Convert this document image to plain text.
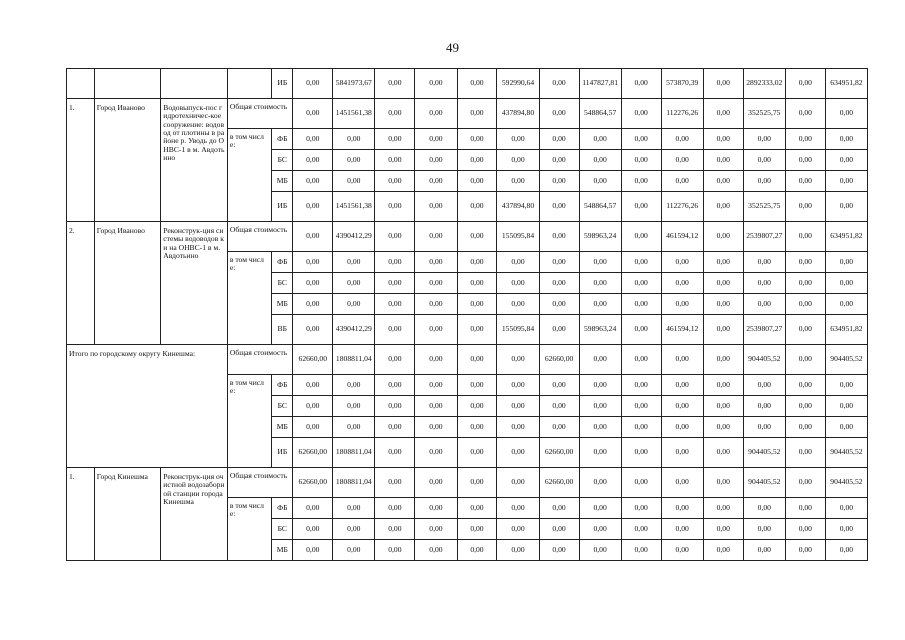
49
				ИБ	0,00	5841973,67	0,00	0,00	0,00	592990,64	0,00	1147827,81	0,00	573870,39	0,00	2892333,02	0,00	634951,82
1.	Город Иваново	Водовыпуск-пос гидротехничес-кое сооружение: водовод от плотины в районе р. Уводь до ОНВС-1 в м. Авдотьино	Общая стоимость		0,00	1451561,38	0,00	0,00	0,00	437894,80	0,00	548864,57	0,00	112276,26	0,00	352525,75	0,00	0,00
			в том числе:	ФБ	0,00	0,00	0,00	0,00	0,00	0,00	0,00	0,00	0,00	0,00	0,00	0,00	0,00	0,00
				БС	0,00	0,00	0,00	0,00	0,00	0,00	0,00	0,00	0,00	0,00	0,00	0,00	0,00	0,00
				МБ	0,00	0,00	0,00	0,00	0,00	0,00	0,00	0,00	0,00	0,00	0,00	0,00	0,00	0,00
				ИБ	0,00	1451561,38	0,00	0,00	0,00	437894,80	0,00	548864,57	0,00	112276,26	0,00	352525,75	0,00	0,00
2.	Город Иваново	Реконструк-ция системы водоводов ки на ОНВС-1 в м. Авдотьино	Общая стоимость		0,00	4390412,29	0,00	0,00	0,00	155095,84	0,00	598963,24	0,00	461594,12	0,00	2539807,27	0,00	634951,82
			в том числе:	ФБ	0,00	0,00	0,00	0,00	0,00	0,00	0,00	0,00	0,00	0,00	0,00	0,00	0,00	0,00
				БС	0,00	0,00	0,00	0,00	0,00	0,00	0,00	0,00	0,00	0,00	0,00	0,00	0,00	0,00
				МБ	0,00	0,00	0,00	0,00	0,00	0,00	0,00	0,00	0,00	0,00	0,00	0,00	0,00	0,00
				ВБ	0,00	4390412,29	0,00	0,00	0,00	155095,84	0,00	598963,24	0,00	461594,12	0,00	2539807,27	0,00	634951,82
Итого по городскому округу Кинешма:			Общая стоимость		62660,00	1808811,04	0,00	0,00	0,00	0,00	62660,00	0,00	0,00	0,00	0,00	904405,52	0,00	904405,52
			в том числе:	ФБ	0,00	0,00	0,00	0,00	0,00	0,00	0,00	0,00	0,00	0,00	0,00	0,00	0,00	0,00
				БС	0,00	0,00	0,00	0,00	0,00	0,00	0,00	0,00	0,00	0,00	0,00	0,00	0,00	0,00
				МБ	0,00	0,00	0,00	0,00	0,00	0,00	0,00	0,00	0,00	0,00	0,00	0,00	0,00	0,00
				ИБ	62660,00	1808811,04	0,00	0,00	0,00	0,00	62660,00	0,00	0,00	0,00	0,00	904405,52	0,00	904405,52
1.	Город Кинешма	Реконструк-ция очистной водозаборной станции города Кинешма	Общая стоимость		62660,00	1808811,04	0,00	0,00	0,00	0,00	62660,00	0,00	0,00	0,00	0,00	904405,52	0,00	904405,52
			в том числе:	ФБ	0,00	0,00	0,00	0,00	0,00	0,00	0,00	0,00	0,00	0,00	0,00	0,00	0,00	0,00
				БС	0,00	0,00	0,00	0,00	0,00	0,00	0,00	0,00	0,00	0,00	0,00	0,00	0,00	0,00
				МБ	0,00	0,00	0,00	0,00	0,00	0,00	0,00	0,00	0,00	0,00	0,00	0,00	0,00	0,00
